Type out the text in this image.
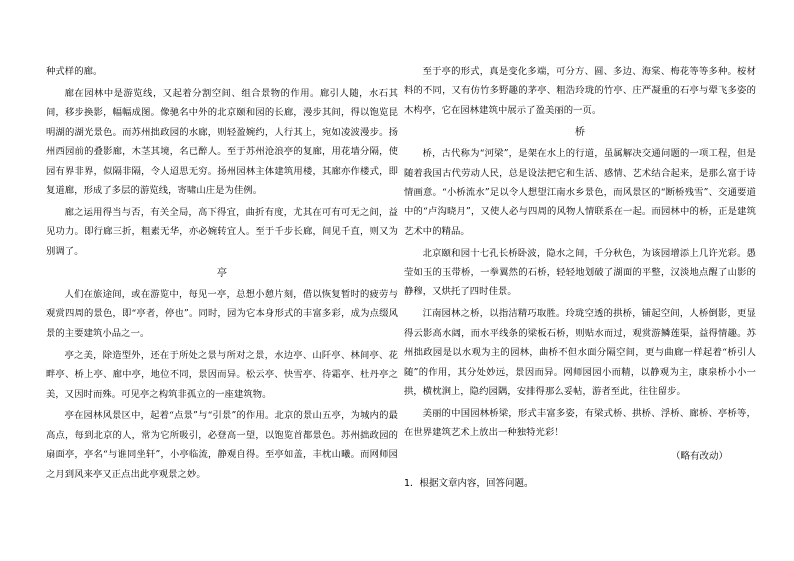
种式样的廊。

廊在园林中是游览线，又起着分割空间、组合景物的作用。廊引人随，水石其间，移步换影，幅幅成图。像驰名中外的北京颐和园的长廊，漫步其间，得以饱览昆明湖的湖光景色。而苏州拙政园的水廊，则轻盈婉约，人行其上，宛如凌波漫步。扬州西园前的叠影廊，木茎其境，名已醉人。至于苏州沧浪亭的复廊，用花墙分隔，使园有界非界，似隔非隔，令人迢思无穷。扬州园林主体建筑用楼，其廊亦作楼式，即复道廊，形成了多层的游览线，寄啸山庄是为佳例。

廊之运用得当与否，有关全局，高下得宜，曲折有度，尤其在可有可无之间，益见功力。即行廊三折，粗素无华，亦必婉转宜人。至于千步长廊，间见千直，则又为别调了。

亭

人们在旅途间，或在游览中，每见一亭，总想小憩片刻，借以恢复暂时的疲劳与观赏四周的景色，即“亭者，停也”。同时，园为它本身形式的丰富多彩，成为点缀风景的主要建筑小品之一。

亭之美，除造型外，还在于所处之景与所对之景，水边亭、山阡亭、林间亭、花畔亭、桥上亭、廊中亭，地位不同，景因而异。松云亭、快雪亭、待霜亭、杜丹亭之美，又因时而殊。可见亭之构筑非孤立的一座建筑物。

亭在园林风景区中，起着“点景”与“引景”的作用。北京的景山五亭，为城内的最高点，每到北京的人，常为它所吸引，必登高一望，以饱览首都景色。苏州拙政园的扇面亭，亭名“与谁同坐轩”，小亭临流，静观自得。至亭如盖，丰枕山曦。而网师园之月到风来亭又正点出此亭观景之妙。

至于亭的形式，真是变化多端，可分方、圆、多边、海棠、梅花等等多种。桉材料的不同，又有仿竹多野趣的茅亭、粗浩玲珑的竹亭、庄严凝重的石亭与翚飞多姿的木构亭，它在园林建筑中展示了盈美丽的一页。

桥

桥，古代称为“河梁”，是架在水上的行道，虽属解决交通问题的一项工程，但是随着我国古代劳动人民，总是设法把它和生活、感情、艺术结合起来，是那么富于诗情画意。“小桥流水”足以令人想望江南水乡景色，而风景区的“断桥残雪”、交通要道中的“卢沟晓月”，又使人必与四周的风物人情联系在一起。而园林中的桥，正是建筑艺术中的精品。

北京颐和园十七孔长桥卧波，隐水之间，千分秋色，为该园增添上几许光彩。愚莹如玉的玉带桥，一拳翼然的石桥，轻轻地划破了湖面的平整，汉淡地点醒了山影的静穆，又烘托了四时佳景。

江南园林之桥，以指洁精巧取胜。玲珑空透的拱桥，铺起空间，人桥倒影，更显得云影高水阔，而水平线条的梁板石桥，则贴水而过，观赏游鳞莲渠，益得情趣。苏州拙政园是以水观为主的园林，曲桥不但水面分隔空间，更与曲廊一样起着“桥引人随”的作用，其分处妙远，景因而异。网师园园小而精，以静观为主，康泉桥小小一拱，横枕涧上，隐约园隅，安排得那么妥帖，游者至此，往往留步。

美丽的中国园林桥梁，形式丰富多姿，有梁式桥、拱桥、浮桥、廊桥、亭桥等，在世界建筑艺术上放出一种独特光彩！

（略有改动）
1．根据文章内容，回答问题。
